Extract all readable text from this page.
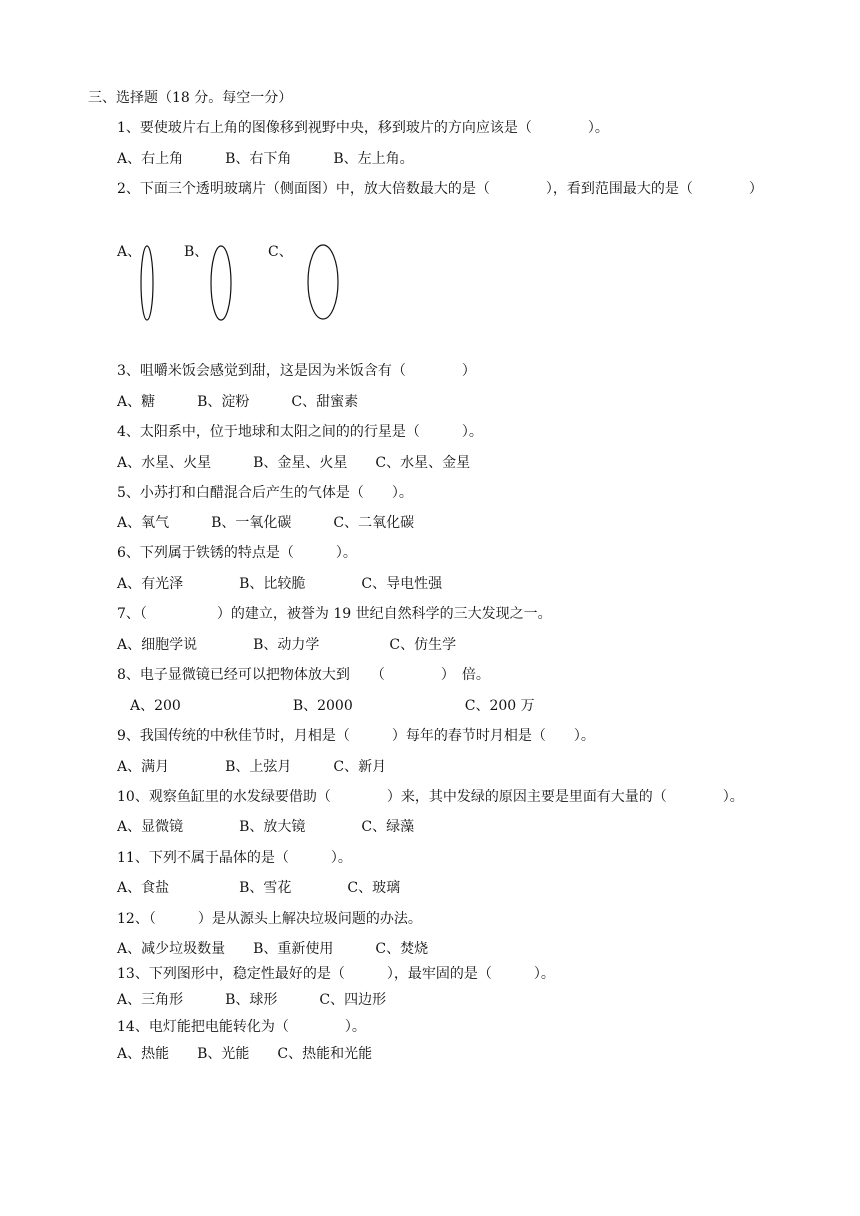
三、选择题（18 分。每空一分）
1、要使玻片右上角的图像移到视野中央，移到玻片的方向应该是（　　　　）。
A、右上角　　　B、右下角　　　B、左上角。
2、下面三个透明玻璃片（侧面图）中，放大倍数最大的是（　　　　），看到范围最大的是（　　　　）
A、	B、	C、
3、咀嚼米饭会感觉到甜，这是因为米饭含有（　　　　）
A、糖　　　B、淀粉　　　C、甜蜜素
4、太阳系中，位于地球和太阳之间的的行星是（　　　）。
A、水星、火星　　　B、金星、火星　　C、水星、金星
5、小苏打和白醋混合后产生的气体是（　　）。
A、氧气　　　B、一氧化碳　　　C、二氧化碳
6、下列属于铁锈的特点是（　　　）。
A、有光泽　　　　B、比较脆　　　　C、导电性强
7、（　　　　　）的建立，被誉为 19 世纪自然科学的三大发现之一。
A、细胞学说　　　　B、动力学　　　　　C、仿生学
8、电子显微镜已经可以把物体放大到　　（　　　　）　倍。
A、200　　　　　　　　B、2000　　　　　　　　C、200 万
9、我国传统的中秋佳节时，月相是（　　　）每年的春节时月相是（　　）。
A、满月　　　　B、上弦月　　　C、新月
10、观察鱼缸里的水发绿要借助（　　　　）来，其中发绿的原因主要是里面有大量的（　　　　）。
A、显微镜　　　　B、放大镜　　　　C、绿藻
11、下列不属于晶体的是（　　　）。
A、食盐　　　　　B、雪花　　　　C、玻璃
12、（　　　）是从源头上解决垃圾问题的办法。
A、减少垃圾数量　　B、重新使用　　　C、焚烧
13、下列图形中，稳定性最好的是（　　　），最牢固的是（　　　）。
A、三角形　　　B、球形　　　C、四边形
14、电灯能把电能转化为（　　　　）。
A、热能　　B、光能　　C、热能和光能
